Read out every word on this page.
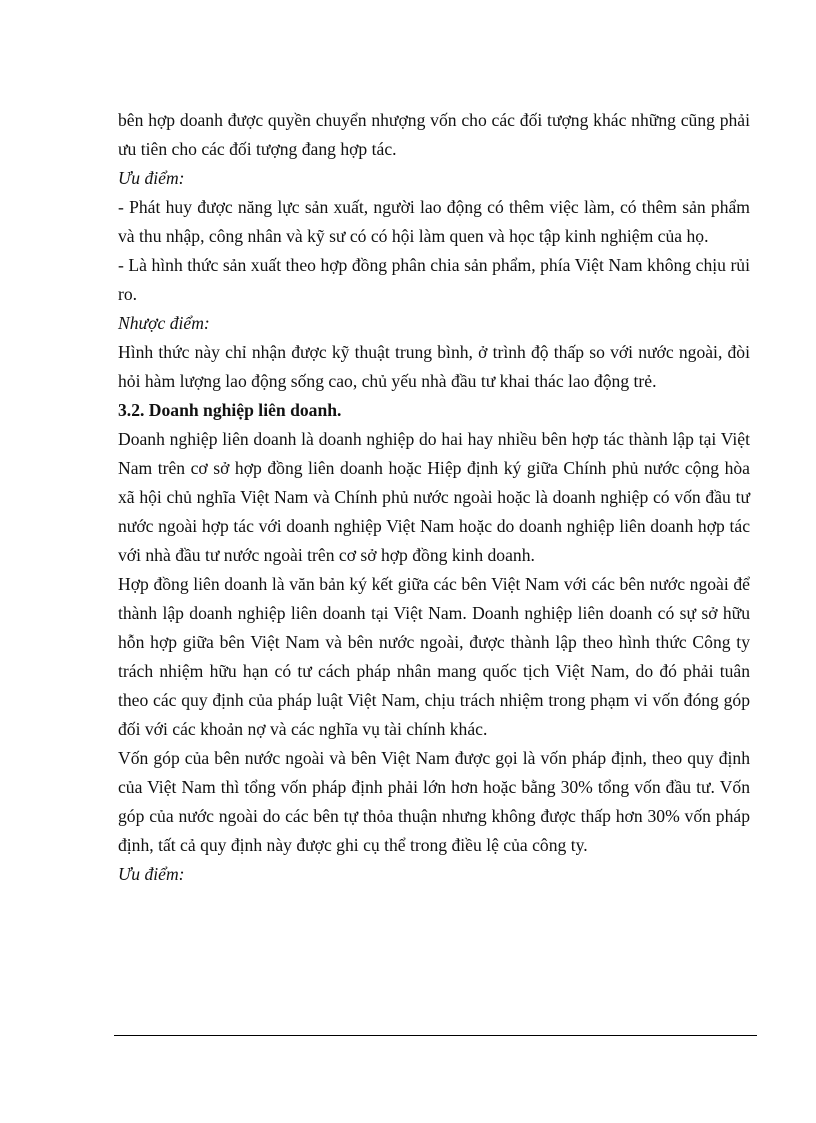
bên hợp doanh được quyền chuyển nhượng vốn cho các đối tượng khác những cũng phải ưu tiên cho các đối tượng đang hợp tác.

Ưu điểm:

- Phát huy được năng lực sản xuất, người lao động có thêm việc làm, có thêm sản phẩm và thu nhập, công nhân và kỹ sư có có hội làm quen và học tập kinh nghiệm của họ.

- Là hình thức sản xuất theo hợp đồng phân chia sản phẩm, phía Việt Nam không chịu rủi ro.

Nhược điểm:

Hình thức này chỉ nhận được kỹ thuật trung bình, ở trình độ thấp so với nước ngoài, đòi hỏi hàm lượng lao động sống cao, chủ yếu nhà đầu tư khai thác lao động trẻ.

3.2. Doanh nghiệp liên doanh.

Doanh nghiệp liên doanh là doanh nghiệp do hai hay nhiều bên hợp tác thành lập tại Việt Nam trên cơ sở hợp đồng liên doanh hoặc Hiệp định ký giữa Chính phủ nước cộng hòa xã hội chủ nghĩa Việt Nam và Chính phủ nước ngoài hoặc là doanh nghiệp có vốn đầu tư nước ngoài hợp tác với doanh nghiệp Việt Nam hoặc do doanh nghiệp liên doanh hợp tác với nhà đầu tư nước ngoài trên cơ sở hợp đồng kinh doanh.

Hợp đồng liên doanh là văn bản ký kết giữa các bên Việt Nam với các bên nước ngoài để thành lập doanh nghiệp liên doanh tại Việt Nam. Doanh nghiệp liên doanh có sự sở hữu hỗn hợp giữa bên Việt Nam và bên nước ngoài, được thành lập theo hình thức Công ty trách nhiệm hữu hạn có tư cách pháp nhân mang quốc tịch Việt Nam, do đó phải tuân theo các quy định của pháp luật Việt Nam, chịu trách nhiệm trong phạm vi vốn đóng góp đối với các khoản nợ và các nghĩa vụ tài chính khác.

Vốn góp của bên nước ngoài và bên Việt Nam được gọi là vốn pháp định, theo quy định của Việt Nam thì tổng vốn pháp định phải lớn hơn hoặc bằng 30% tổng vốn đầu tư. Vốn góp của nước ngoài do các bên tự thỏa thuận nhưng không được thấp hơn 30% vốn pháp định, tất cả quy định này được ghi cụ thể trong điều lệ của công ty.

Ưu điểm:
